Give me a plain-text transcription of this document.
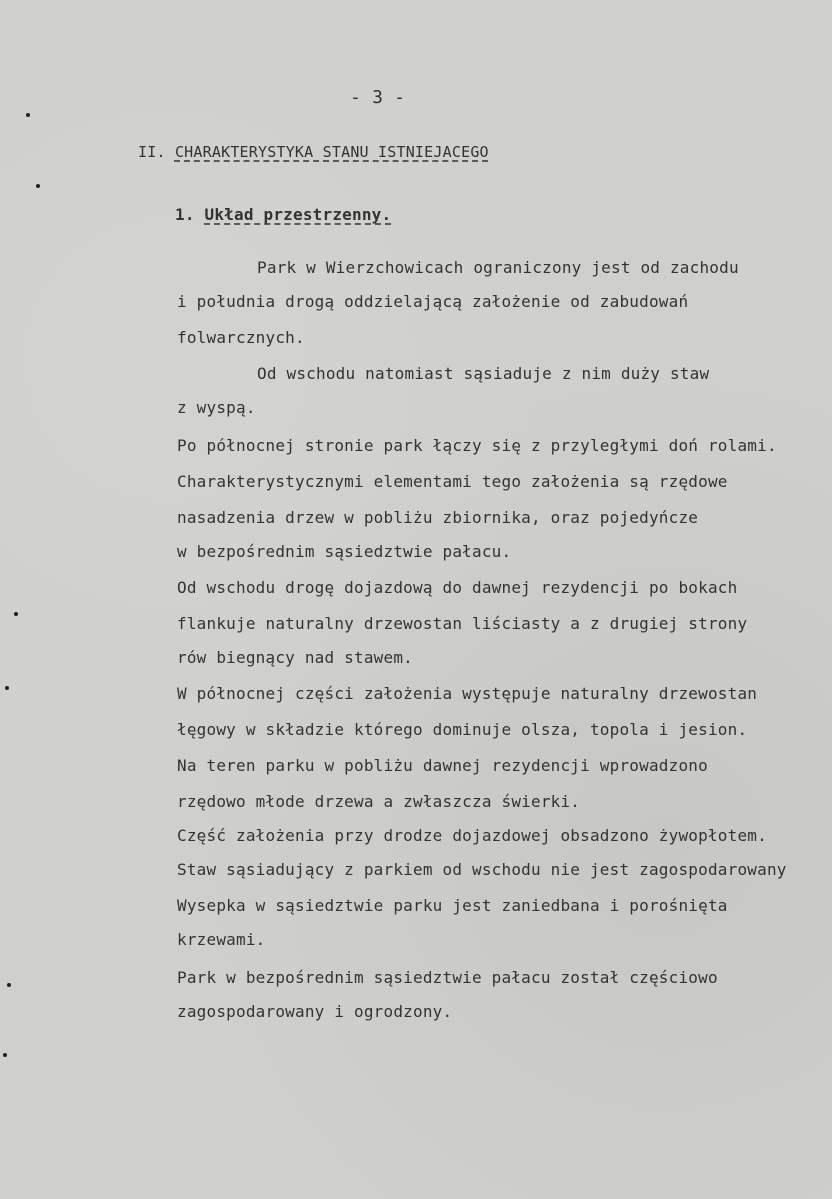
- 3 -
II. CHARAKTERYSTYKA STANU ISTNIEJACEGO
1. Układ przestrzenny.
Park w Wierzchowicach ograniczony jest od zachodu
i południa drogą oddzielającą założenie od zabudowań
folwarcznych.
Od wschodu natomiast sąsiaduje z nim duży staw
z wyspą.
Po północnej stronie park łączy się z przyległymi doń rolami.
Charakterystycznymi elementami tego założenia są rzędowe
nasadzenia drzew w pobliżu zbiornika, oraz pojedyńcze
w bezpośrednim sąsiedztwie pałacu.
Od wschodu drogę dojazdową do dawnej rezydencji po bokach
flankuje naturalny drzewostan liściasty a z drugiej strony
rów biegnący nad stawem.
W północnej części założenia występuje naturalny drzewostan
łęgowy w składzie którego dominuje olsza, topola i jesion.
Na teren parku w pobliżu dawnej rezydencji wprowadzono
rzędowo młode drzewa a zwłaszcza świerki.
Część założenia przy drodze dojazdowej obsadzono żywopłotem.
Staw sąsiadujący z parkiem od wschodu nie jest zagospodarowany
Wysepka w sąsiedztwie parku jest zaniedbana i porośnięta
krzewami.
Park w bezpośrednim sąsiedztwie pałacu został częściowo
zagospodarowany i ogrodzony.
